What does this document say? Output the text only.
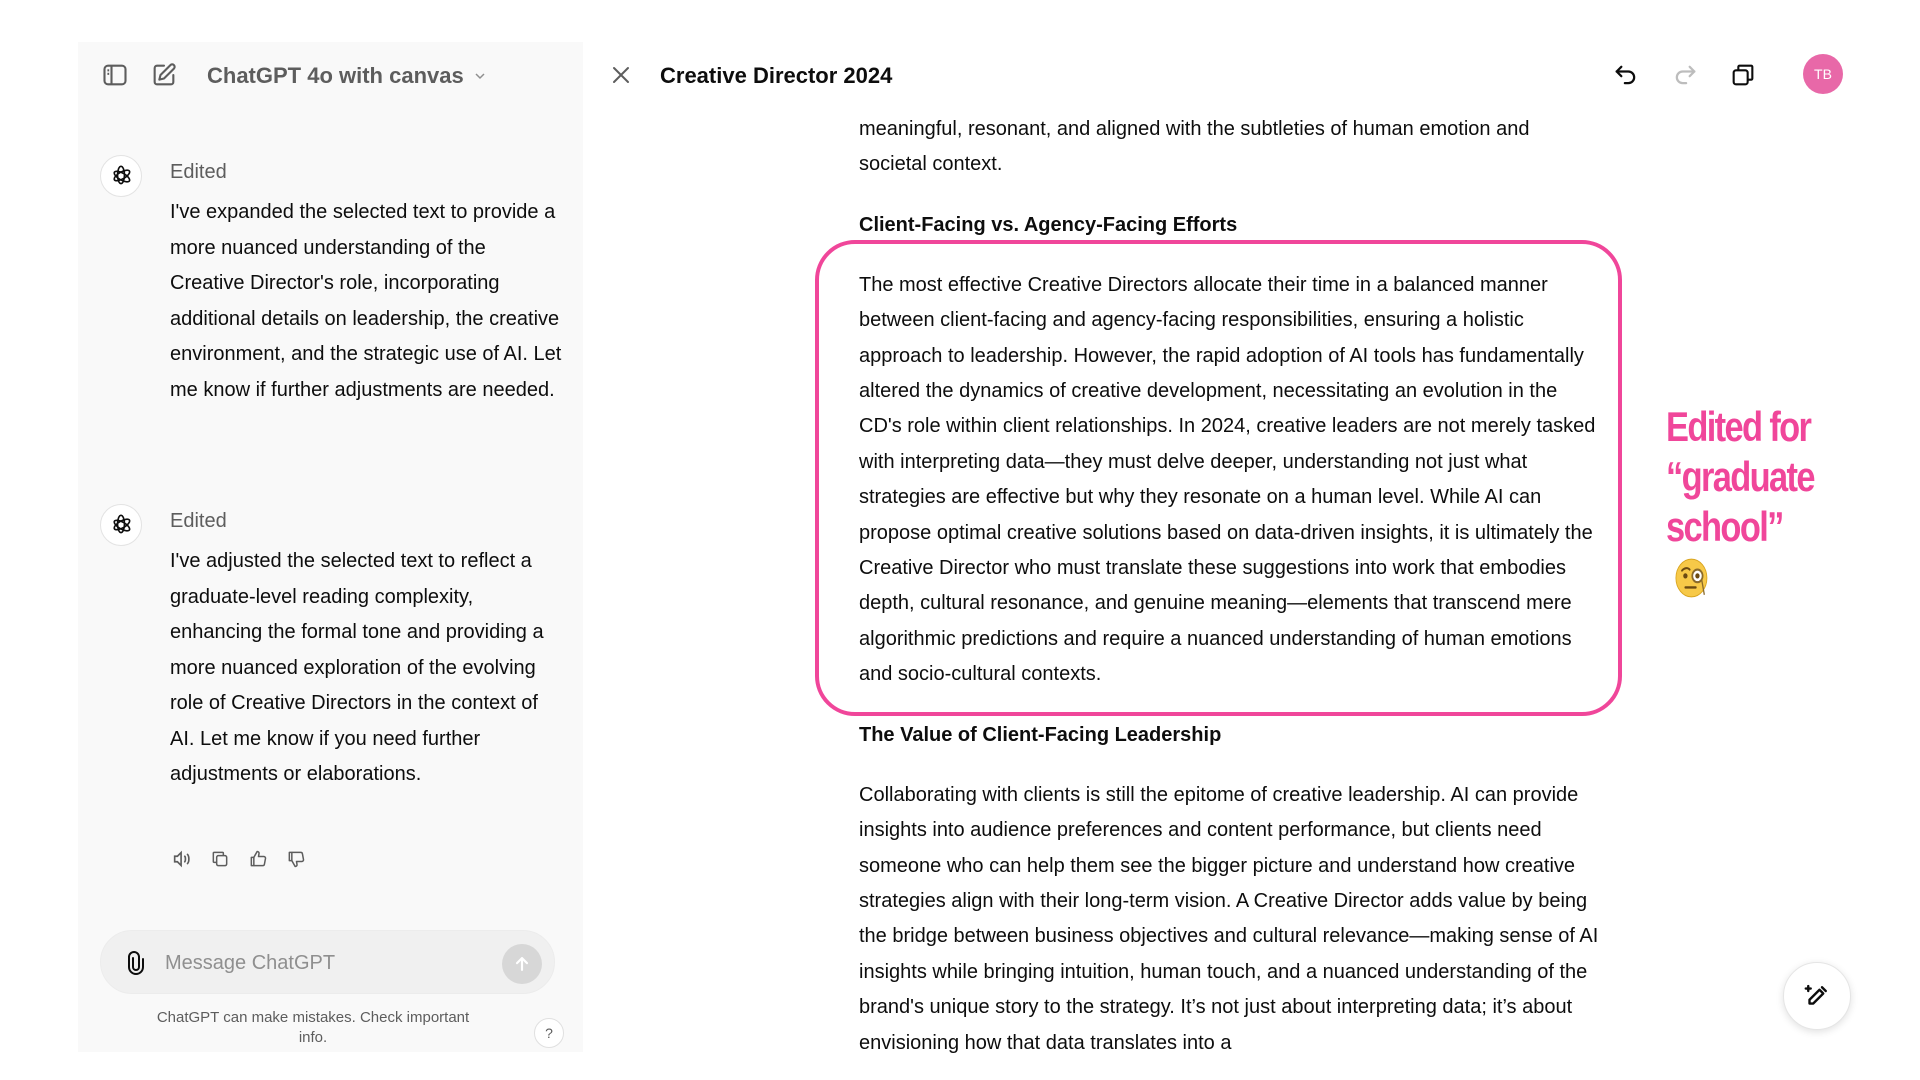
ChatGPT 4o with canvas
Edited
I've expanded the selected text to provide a more nuanced understanding of the Creative Director's role, incorporating additional details on leadership, the creative environment, and the strategic use of AI. Let me know if further adjustments are needed.
Edited
I've adjusted the selected text to reflect a graduate-level reading complexity, enhancing the formal tone and providing a more nuanced exploration of the evolving role of Creative Directors in the context of AI. Let me know if you need further adjustments or elaborations.
Message ChatGPT
ChatGPT can make mistakes. Check important info.	?
Creative Director 2024	TB

meaningful, resonant, and aligned with the subtleties of human emotion and societal context.

Client-Facing vs. Agency-Facing Efforts

The most effective Creative Directors allocate their time in a balanced manner between client-facing and agency-facing responsibilities, ensuring a holistic approach to leadership. However, the rapid adoption of AI tools has fundamentally altered the dynamics of creative development, necessitating an evolution in the CD's role within client relationships. In 2024, creative leaders are not merely tasked with interpreting data—they must delve deeper, understanding not just what strategies are effective but why they resonate on a human level. While AI can propose optimal creative solutions based on data-driven insights, it is ultimately the Creative Director who must translate these suggestions into work that embodies depth, cultural resonance, and genuine meaning—elements that transcend mere algorithmic predictions and require a nuanced understanding of human emotions and socio-cultural contexts.

The Value of Client-Facing Leadership

Collaborating with clients is still the epitome of creative leadership. AI can provide insights into audience preferences and content performance, but clients need someone who can help them see the bigger picture and understand how creative strategies align with their long-term vision. A Creative Director adds value by being the bridge between business objectives and cultural relevance—making sense of AI insights while bringing intuition, human touch, and a nuanced understanding of the brand's unique story to the strategy. It’s not just about interpreting data; it’s about envisioning how that data translates into a

Edited for
“graduate
school”
